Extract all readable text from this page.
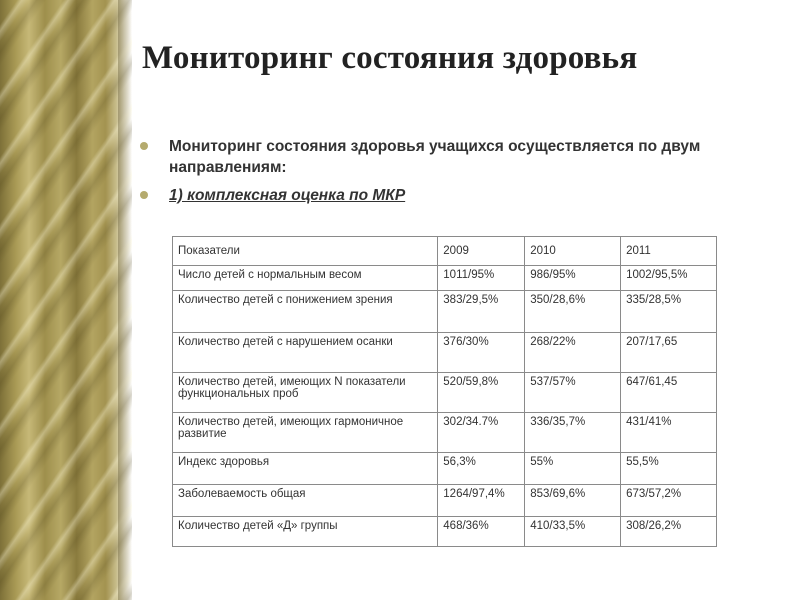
Мониторинг состояния здоровья
Мониторинг состояния здоровья учащихся осуществляется по двум направлениям:
1) комплексная оценка по МКР
Показатели	2009	2010	2011
Число детей с нормальным весом	1011/95%	986/95%	1002/95,5%
Количество детей с понижением зрения	383/29,5%	350/28,6%	335/28,5%
Количество детей с нарушением осанки	376/30%	268/22%	207/17,65
Количество детей, имеющих N показатели функциональных проб	520/59,8%	537/57%	647/61,45
Количество детей, имеющих гармоничное развитие	302/34.7%	336/35,7%	431/41%
Индекс здоровья	56,3%	55%	55,5%
Заболеваемость общая	1264/97,4%	853/69,6%	673/57,2%
Количество детей «Д» группы	468/36%	410/33,5%	308/26,2%
